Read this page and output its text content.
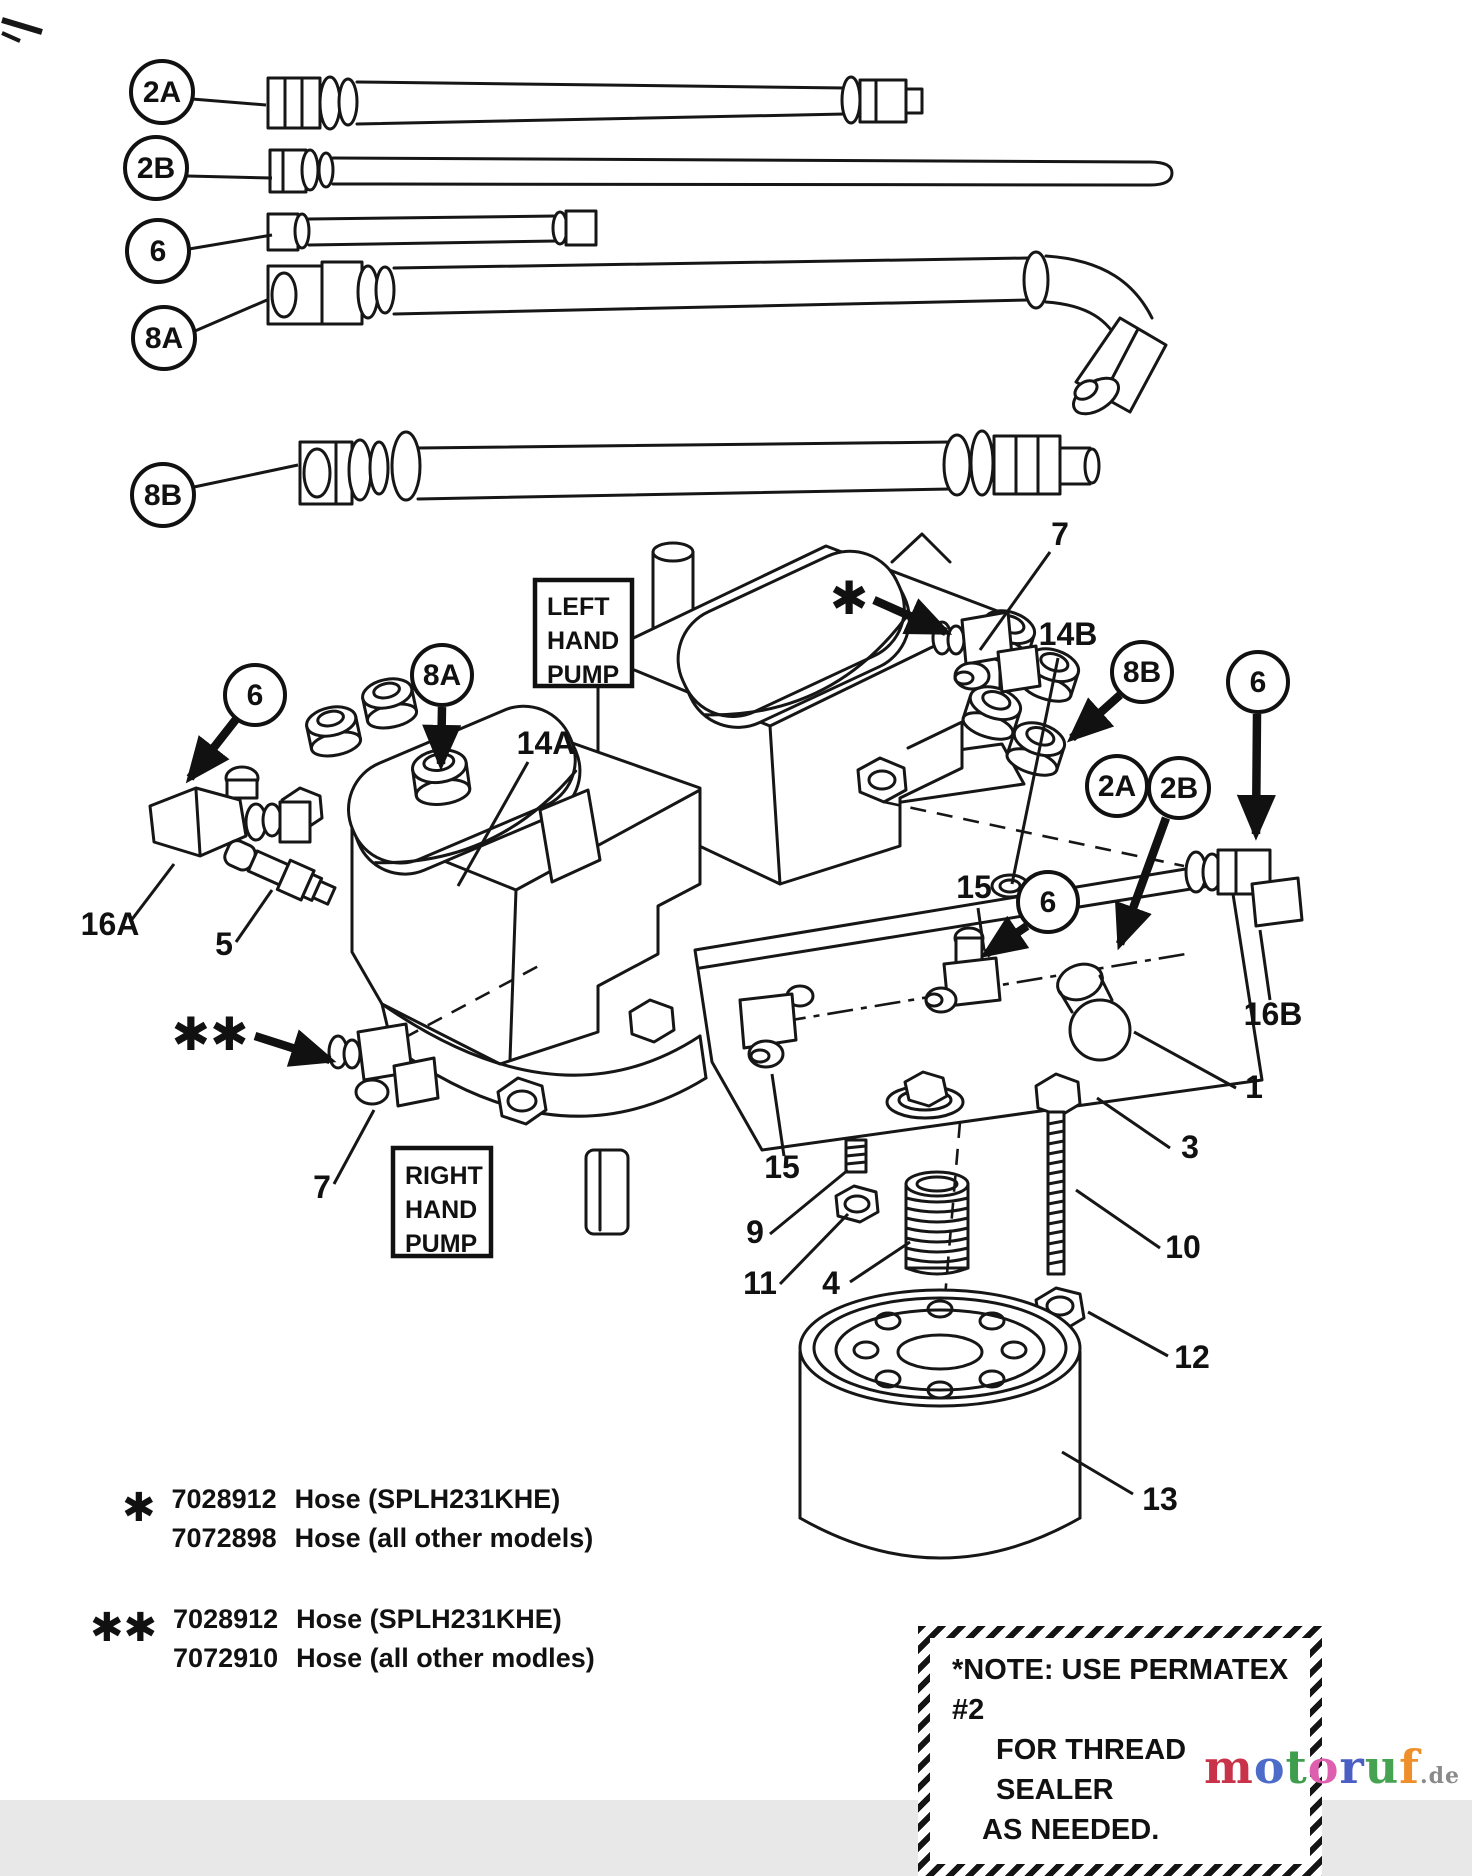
2A
2B
6
8A
8B
6
8A	8B	6
2A 2B
6
7
14B
16B
1
3
10
12
13
15
15
9
11 4
14A
16A
5
7
✱
✱✱
LEFT
HAND
PUMP
RIGHT
HAND
PUMP
✱ 7028912 Hose (SPLH231KHE)
7072898 Hose (all other models)
✱✱ 7028912 Hose (SPLH231KHE)
7072910 Hose (all other modles)	*NOTE: USE PERMATEX #2
FOR THREAD SEALER
AS NEEDED.
motoruf.de
